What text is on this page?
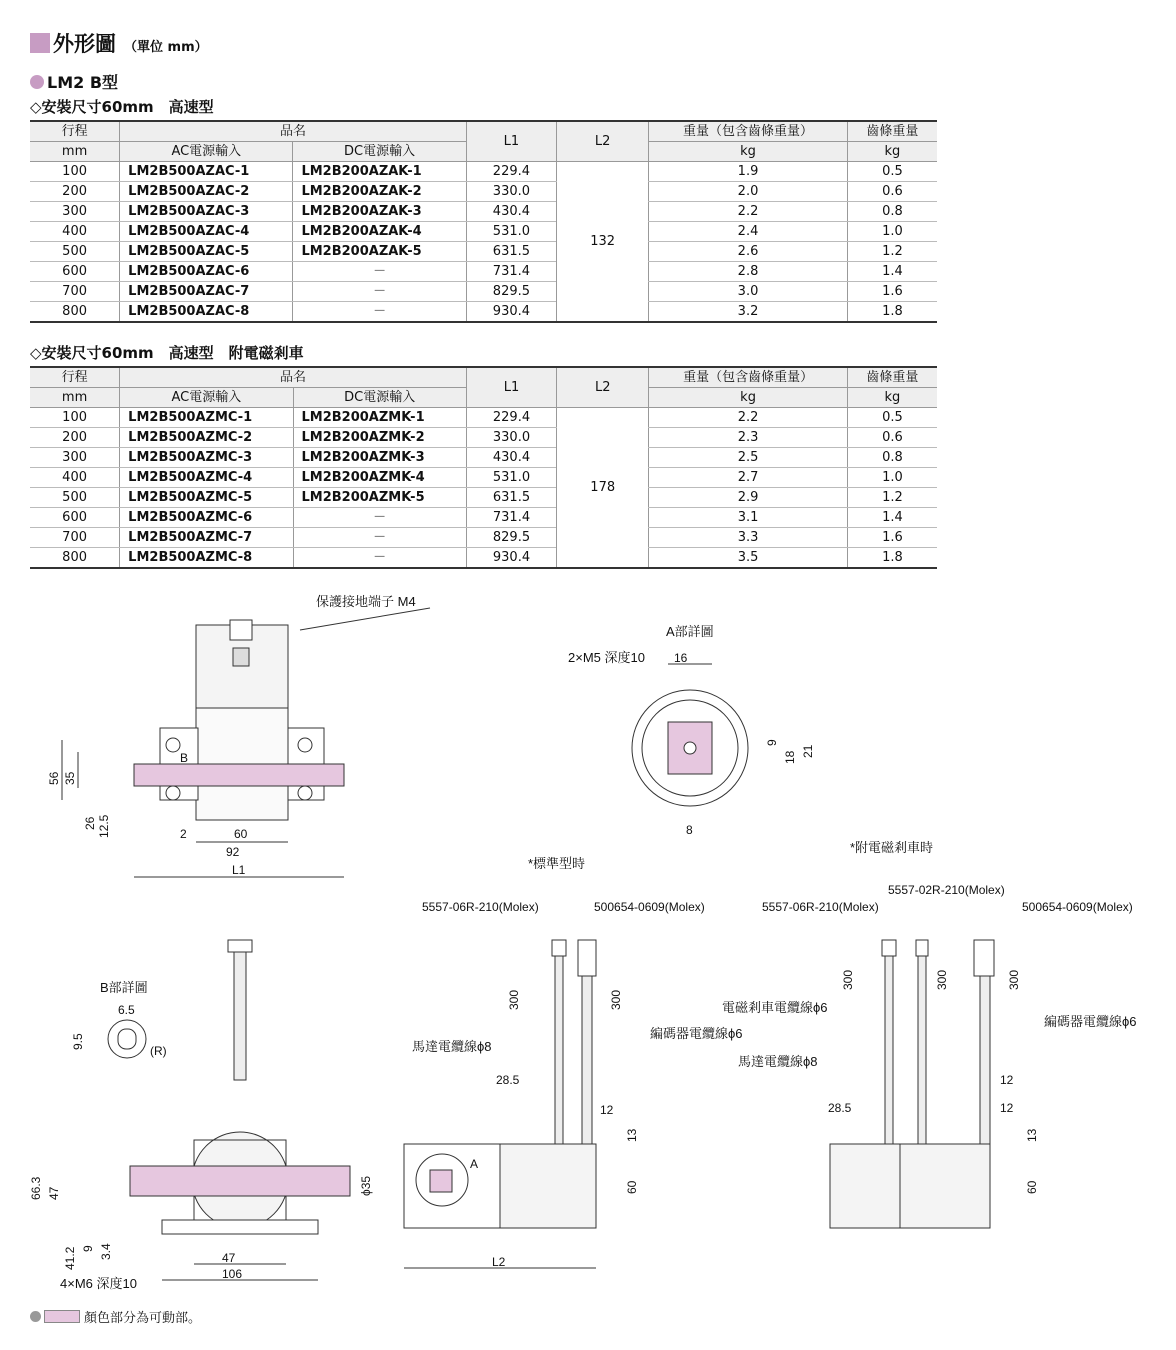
外形圖 （單位 mm）
LM2 B型
◇安裝尺寸60mm　高速型
行程	品名		L1	L2	重量（包含齒條重量）	齒條重量
mm	AC電源輸入	DC電源輸入			kg	kg
100	LM2B500AZAC-1	LM2B200AZAK-1	229.4	132	1.9	0.5
200	LM2B500AZAC-2	LM2B200AZAK-2	330.0		2.0	0.6
300	LM2B500AZAC-3	LM2B200AZAK-3	430.4		2.2	0.8
400	LM2B500AZAC-4	LM2B200AZAK-4	531.0		2.4	1.0
500	LM2B500AZAC-5	LM2B200AZAK-5	631.5		2.6	1.2
600	LM2B500AZAC-6	－	731.4		2.8	1.4
700	LM2B500AZAC-7	－	829.5		3.0	1.6
800	LM2B500AZAC-8	－	930.4		3.2	1.8
◇安裝尺寸60mm　高速型　附電磁剎車
行程	品名		L1	L2	重量（包含齒條重量）	齒條重量
mm	AC電源輸入	DC電源輸入			kg	kg
100	LM2B500AZMC-1	LM2B200AZMK-1	229.4	178	2.2	0.5
200	LM2B500AZMC-2	LM2B200AZMK-2	330.0		2.3	0.6
300	LM2B500AZMC-3	LM2B200AZMK-3	430.4		2.5	0.8
400	LM2B500AZMC-4	LM2B200AZMK-4	531.0		2.7	1.0
500	LM2B500AZMC-5	LM2B200AZMK-5	631.5		2.9	1.2
600	LM2B500AZMC-6	－	731.4		3.1	1.4
700	LM2B500AZMC-7	－	829.5		3.3	1.6
800	LM2B500AZMC-8	－	930.4		3.5	1.8
B
保護接地端子 M4
56 35
26 12.5	2	60
92
L1
A部詳圖
2×M5 深度10 16
9
18 21
8
*標準型時
*附電磁剎車時
B部詳圖
6.5
9.5
(R)
66.3 47
41.2 9 3.4
ϕ35
47
106
4×M6 深度10
5557-06R-210(Molex)	500654-0609(Molex)
300	300
馬達電纜線ϕ8
編碼器電纜線ϕ6
28.5
12
A
13
60
L2
5557-02R-210(Molex)
5557-06R-210(Molex)	500654-0609(Molex)
300	300	300
電磁剎車電纜線ϕ6
編碼器電纜線ϕ6
馬達電纜線ϕ8
12
28.5	12
13
60
顏色部分為可動部。
